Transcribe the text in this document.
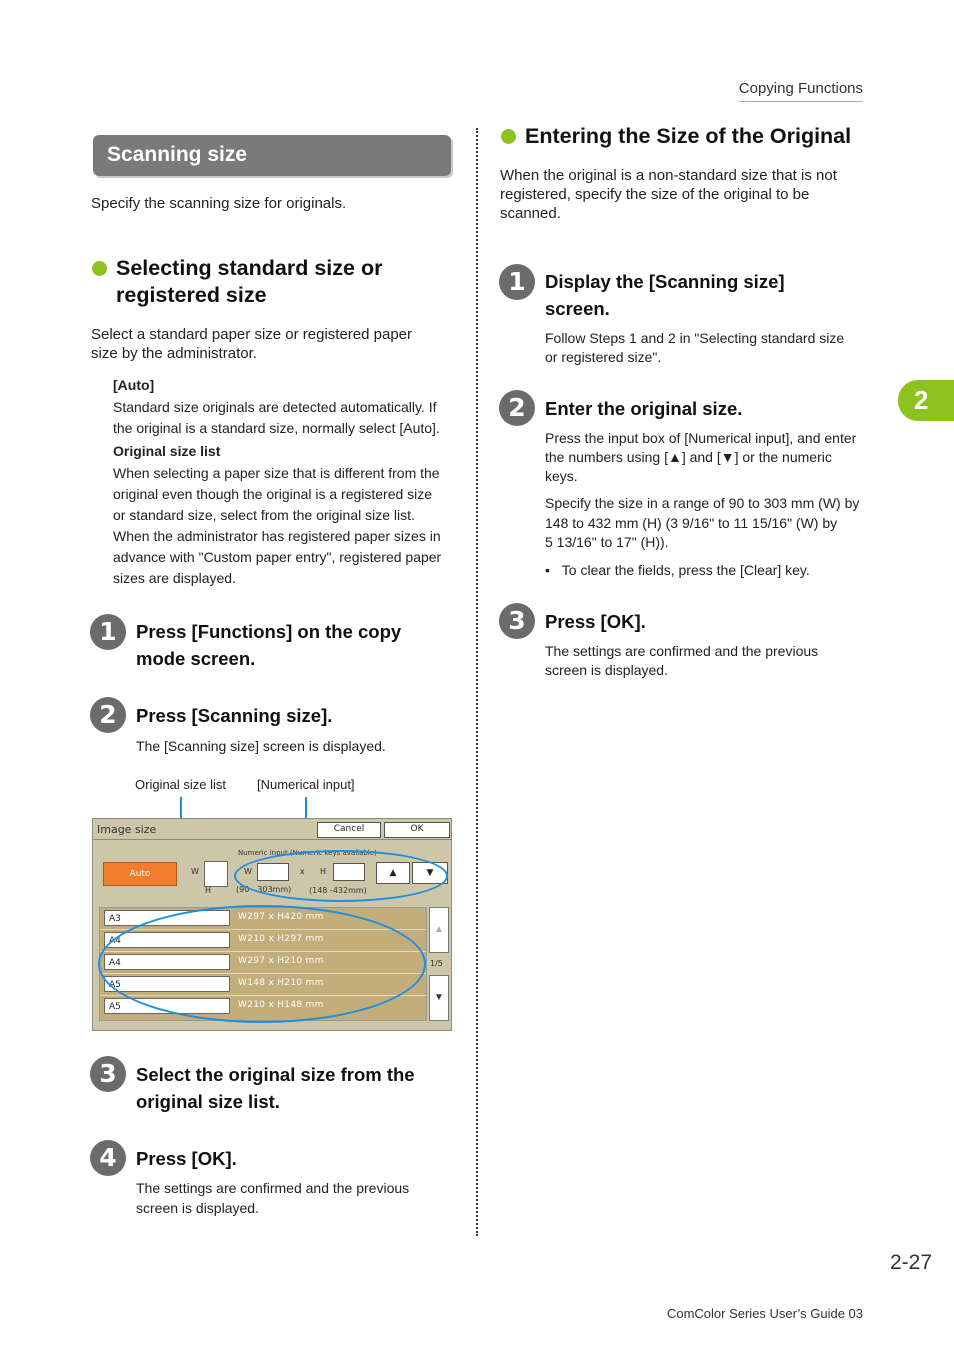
Copying Functions
2
Scanning size
Specify the scanning size for originals.
Selecting standard size or
registered size
Select a standard paper size or registered paper
size by the administrator.
[Auto]
Standard size originals are detected automatically. If
the original is a standard size, normally select [Auto].
Original size list
When selecting a paper size that is different from the
original even though the original is a registered size
or standard size, select from the original size list.
When the administrator has registered paper sizes in
advance with "Custom paper entry", registered paper
sizes are displayed.
1	Press [Functions] on the copy
mode screen.
2	Press [Scanning size].
The [Scanning size] screen is displayed.
Original size list [Numerical input]
Image size	Cancel	OK
Auto	W
H
Numeric input (Numeric keys available)
W	x H	▲	▼
(90 - 303mm) (148 -432mm)
A3	W297 x H420 mm
A4	W210 x H297 mm
A4	W297 x H210 mm
A5	W148 x H210 mm
A5	W210 x H148 mm
▲
1/5
▼
3	Select the original size from the
original size list.
4	Press [OK].
The settings are confirmed and the previous
screen is displayed.
Entering the Size of the Original
When the original is a non-standard size that is not
registered, specify the size of the original to be
scanned.
1	Display the [Scanning size]
screen.
Follow Steps 1 and 2 in "Selecting standard size
or registered size".
2	Enter the original size.
Press the input box of [Numerical input], and enter
the numbers using [▲] and [▼] or the numeric
keys.
Specify the size in a range of 90 to 303 mm (W) by
148 to 432 mm (H) (3 9/16" to 11 15/16" (W) by
5 13/16" to 17" (H)).
• To clear the fields, press the [Clear] key.
3	Press [OK].
The settings are confirmed and the previous
screen is displayed.
2-27
ComColor Series User’s Guide 03
